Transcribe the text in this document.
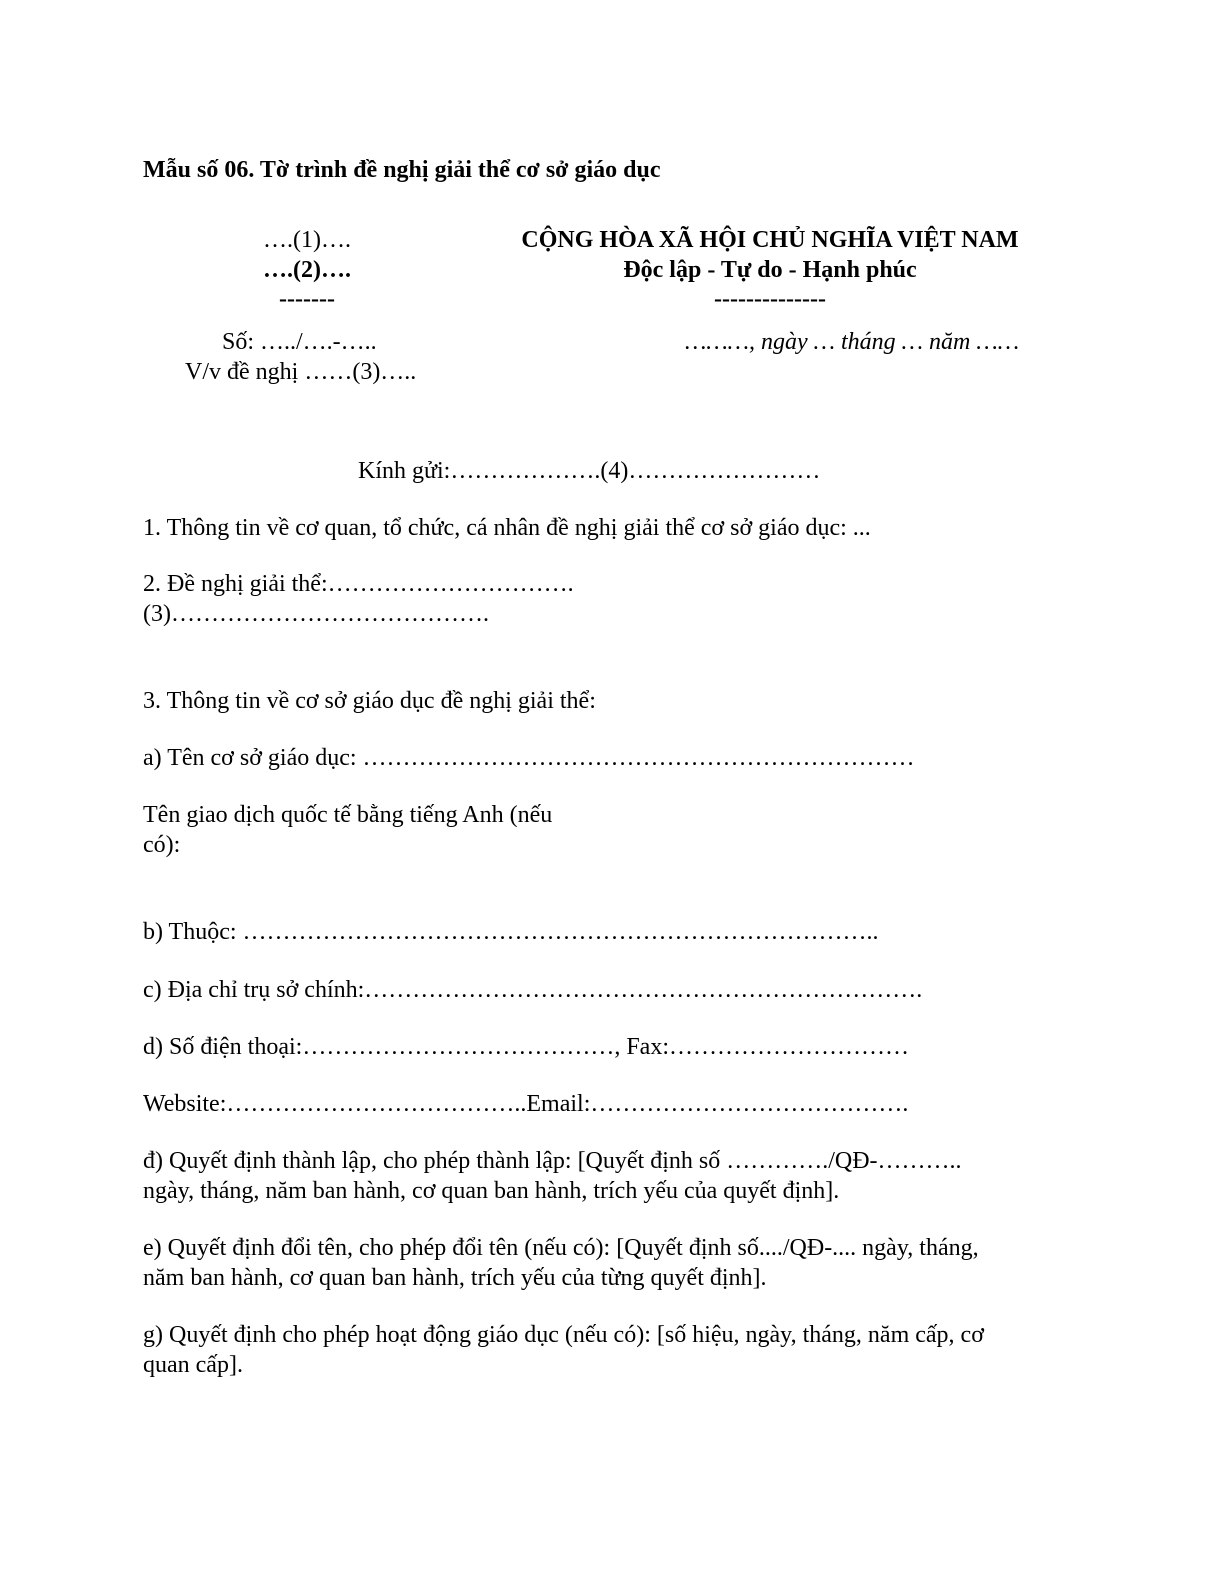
Mẫu số 06. Tờ trình đề nghị giải thể cơ sở giáo dục
….(1)….
….(2)….
-------
Số: …../….-…..
V/v đề nghị ……(3)…..
CỘNG HÒA XÃ HỘI CHỦ NGHĨA VIỆT NAM
Độc lập - Tự do - Hạnh phúc
--------------
………, ngày … tháng … năm ……
Kính gửi:……………….(4)……………………
1. Thông tin về cơ quan, tổ chức, cá nhân đề nghị giải thể cơ sở giáo dục: ...
2. Đề nghị giải thể:………………………….
(3)………………………………….
3. Thông tin về cơ sở giáo dục đề nghị giải thể:
a) Tên cơ sở giáo dục: ……………………………………………………………
Tên giao dịch quốc tế bằng tiếng Anh (nếu
có):
b) Thuộc: ……………………………………………………………………..
c) Địa chỉ trụ sở chính:…………………………………………………………….
d) Số điện thoại:…………………………………, Fax:…………………………
Website:………………………………..Email:………………………………….
đ) Quyết định thành lập, cho phép thành lập: [Quyết định số …………./QĐ-………..
ngày, tháng, năm ban hành, cơ quan ban hành, trích yếu của quyết định].
e) Quyết định đổi tên, cho phép đổi tên (nếu có): [Quyết định số..../QĐ-.... ngày, tháng,
năm ban hành, cơ quan ban hành, trích yếu của từng quyết định].
g) Quyết định cho phép hoạt động giáo dục (nếu có): [số hiệu, ngày, tháng, năm cấp, cơ
quan cấp].
